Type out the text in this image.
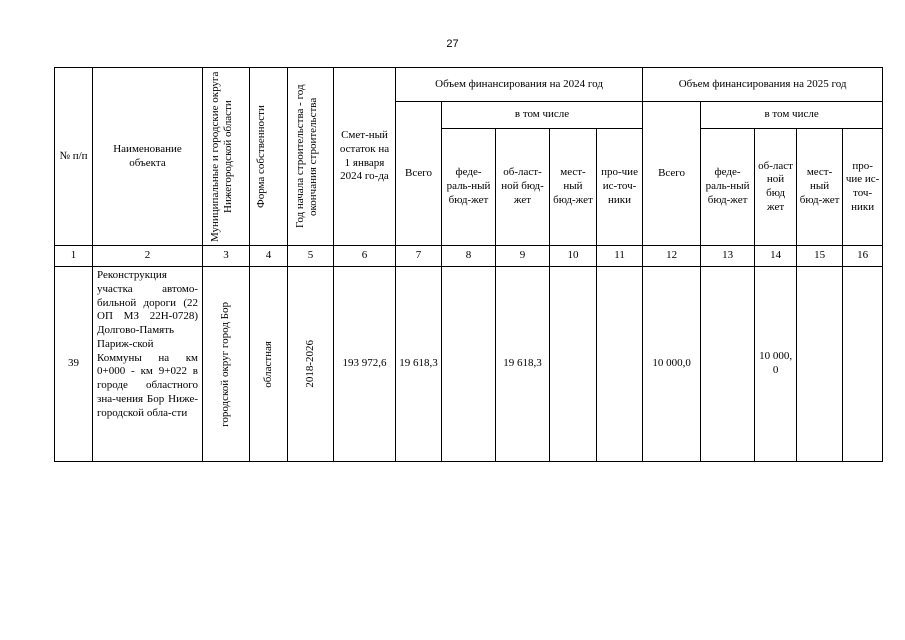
27
№ п/п	Наименование объекта	Муниципальные и городские округа Нижегородской области	Форма собственности	Год начала строительства - год окончания строительства	Смет-ный остаток на 1 января 2024 го-да	Объем финансирования на 2024 год					Объем финансирования на 2025 год				
						Всего	в том числе				Всего	в том числе			
							феде-раль-ный бюд-жет	об-ласт-ной бюд-жет	мест-ный бюд-жет	про-чие ис-точ-ники		феде-раль-ный бюд-жет	об-ласт ной бюд жет	мест-ный бюд-жет	про-чие ис-точ-ники
1	2	3	4	5	6	7	8	9	10	11	12	13	14	15	16
39	Реконструкция участка автомо-бильной дороги (22 ОП МЗ 22Н-0728) Долгово-Память Париж-ской Коммуны на км 0+000 - км 9+022 в городе областного зна-чения Бор Ниже-городской обла-сти	городской округ город Бор	областная	2018-2026	193 972,6	19 618,3		19 618,3			10 000,0		10 000, 0		
